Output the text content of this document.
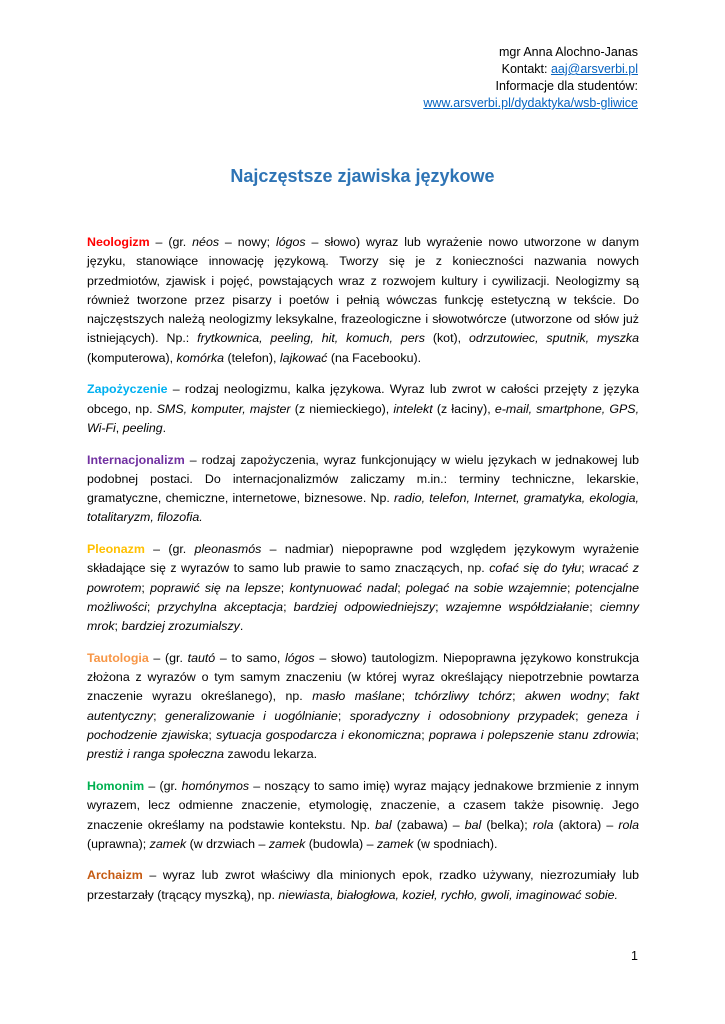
mgr Anna Alochno-Janas
Kontakt: aaj@arsverbi.pl
Informacje dla studentów:
www.arsverbi.pl/dydaktyka/wsb-gliwice
Najczęstsze zjawiska językowe

Neologizm – (gr. néos – nowy; lógos – słowo) wyraz lub wyrażenie nowo utworzone w danym języku, stanowiące innowację językową. Tworzy się je z konieczności nazwania nowych przedmiotów, zjawisk i pojęć, powstających wraz z rozwojem kultury i cywilizacji. Neologizmy są również tworzone przez pisarzy i poetów i pełnią wówczas funkcję estetyczną w tekście. Do najczęstszych należą neologizmy leksykalne, frazeologiczne i słowotwórcze (utworzone od słów już istniejących). Np.: frytkownica, peeling, hit, komuch, pers (kot), odrzutowiec, sputnik, myszka (komputerowa), komórka (telefon), lajkować (na Facebooku).

Zapożyczenie – rodzaj neologizmu, kalka językowa. Wyraz lub zwrot w całości przejęty z języka obcego, np. SMS, komputer, majster (z niemieckiego), intelekt (z łaciny), e-mail, smartphone, GPS, Wi-Fi, peeling.

Internacjonalizm – rodzaj zapożyczenia, wyraz funkcjonujący w wielu językach w jednakowej lub podobnej postaci. Do internacjonalizmów zaliczamy m.in.: terminy techniczne, lekarskie, gramatyczne, chemiczne, internetowe, biznesowe. Np. radio, telefon, Internet, gramatyka, ekologia, totalitaryzm, filozofia.

Pleonazm – (gr. pleonasmós – nadmiar) niepoprawne pod względem językowym wyrażenie składające się z wyrazów to samo lub prawie to samo znaczących, np. cofać się do tyłu; wracać z powrotem; poprawić się na lepsze; kontynuować nadal; polegać na sobie wzajemnie; potencjalne możliwości; przychylna akceptacja; bardziej odpowiedniejszy; wzajemne współdziałanie; ciemny mrok; bardziej zrozumialszy.

Tautologia – (gr. tautó – to samo, lógos – słowo) tautologizm. Niepoprawna językowo konstrukcja złożona z wyrazów o tym samym znaczeniu (w której wyraz określający niepotrzebnie powtarza znaczenie wyrazu określanego), np. masło maślane; tchórzliwy tchórz; akwen wodny; fakt autentyczny; generalizowanie i uogólnianie; sporadyczny i odosobniony przypadek; geneza i pochodzenie zjawiska; sytuacja gospodarcza i ekonomiczna; poprawa i polepszenie stanu zdrowia; prestiż i ranga społeczna zawodu lekarza.

Homonim – (gr. homónymos – noszący to samo imię) wyraz mający jednakowe brzmienie z innym wyrazem, lecz odmienne znaczenie, etymologię, znaczenie, a czasem także pisownię. Jego znaczenie określamy na podstawie kontekstu. Np. bal (zabawa) – bal (belka); rola (aktora) – rola (uprawna); zamek (w drzwiach – zamek (budowla) – zamek (w spodniach).

Archaizm – wyraz lub zwrot właściwy dla minionych epok, rzadko używany, niezrozumiały lub przestarzały (trącący myszką), np. niewiasta, białogłowa, kozieł, rychło, gwoli, imaginować sobie.

1
